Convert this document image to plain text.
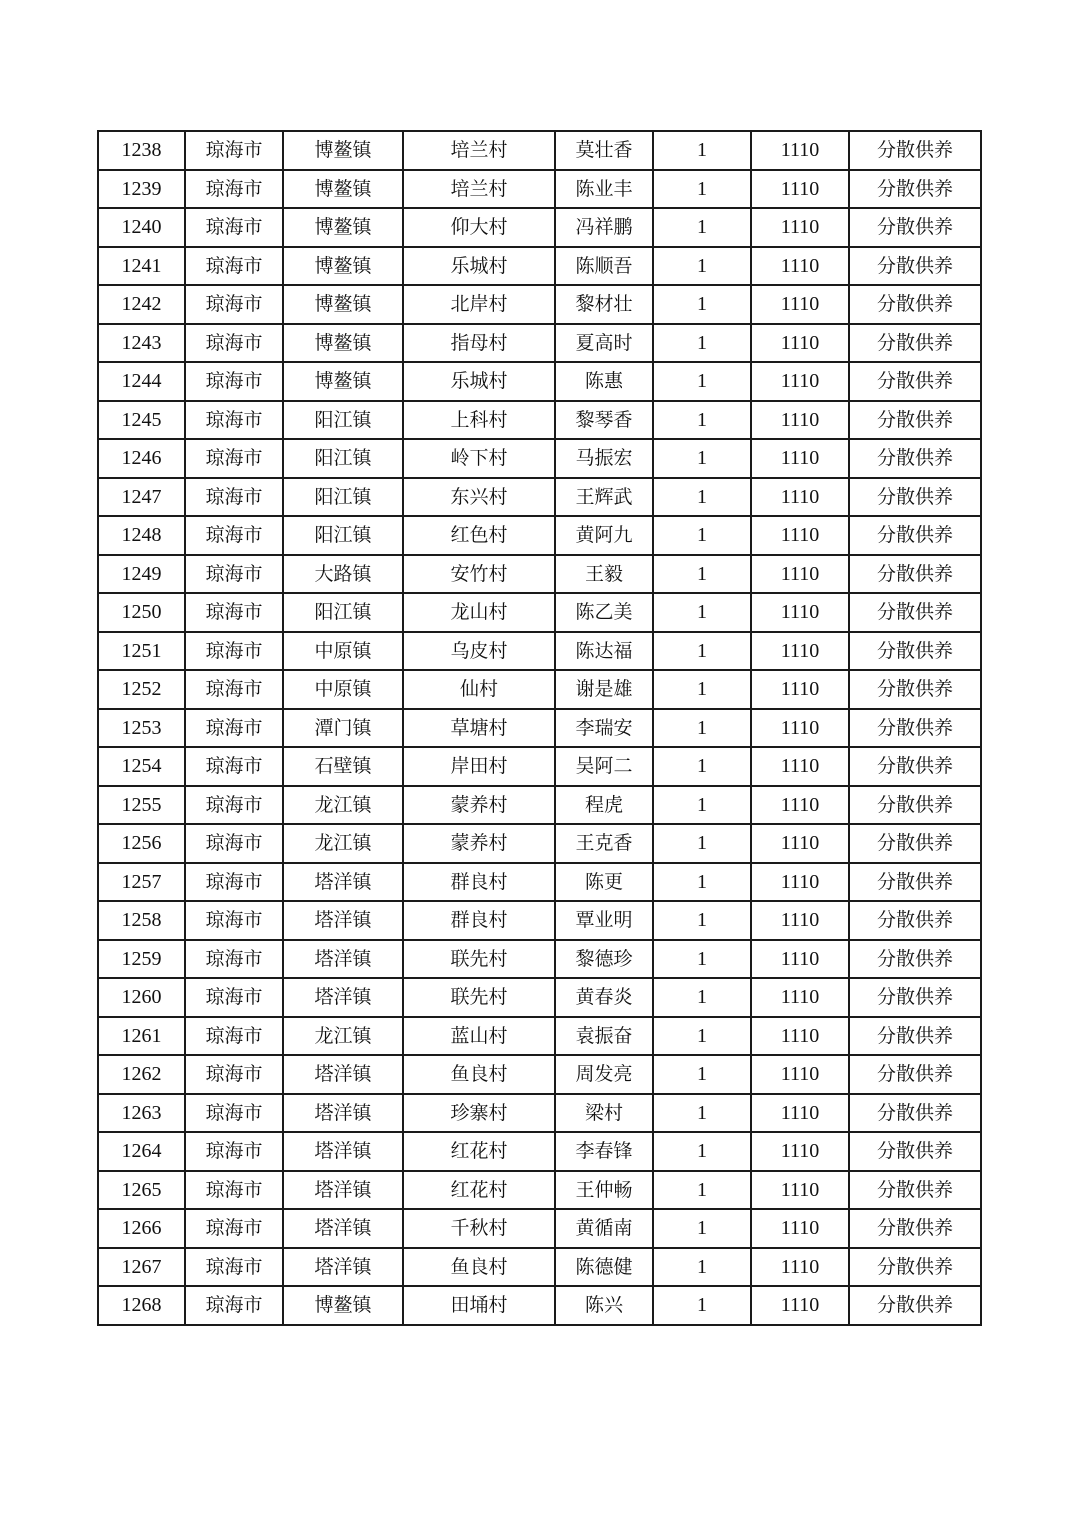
1238	琼海市	博鳌镇	培兰村	莫壮香	1	1110	分散供养
1239	琼海市	博鳌镇	培兰村	陈业丰	1	1110	分散供养
1240	琼海市	博鳌镇	仰大村	冯祥鹏	1	1110	分散供养
1241	琼海市	博鳌镇	乐城村	陈顺吾	1	1110	分散供养
1242	琼海市	博鳌镇	北岸村	黎材壮	1	1110	分散供养
1243	琼海市	博鳌镇	指母村	夏高时	1	1110	分散供养
1244	琼海市	博鳌镇	乐城村	陈惠	1	1110	分散供养
1245	琼海市	阳江镇	上科村	黎琴香	1	1110	分散供养
1246	琼海市	阳江镇	岭下村	马振宏	1	1110	分散供养
1247	琼海市	阳江镇	东兴村	王辉武	1	1110	分散供养
1248	琼海市	阳江镇	红色村	黄阿九	1	1110	分散供养
1249	琼海市	大路镇	安竹村	王毅	1	1110	分散供养
1250	琼海市	阳江镇	龙山村	陈乙美	1	1110	分散供养
1251	琼海市	中原镇	乌皮村	陈达福	1	1110	分散供养
1252	琼海市	中原镇	仙村	谢是雄	1	1110	分散供养
1253	琼海市	潭门镇	草塘村	李瑞安	1	1110	分散供养
1254	琼海市	石壁镇	岸田村	吴阿二	1	1110	分散供养
1255	琼海市	龙江镇	蒙养村	程虎	1	1110	分散供养
1256	琼海市	龙江镇	蒙养村	王克香	1	1110	分散供养
1257	琼海市	塔洋镇	群良村	陈更	1	1110	分散供养
1258	琼海市	塔洋镇	群良村	覃业明	1	1110	分散供养
1259	琼海市	塔洋镇	联先村	黎德珍	1	1110	分散供养
1260	琼海市	塔洋镇	联先村	黄春炎	1	1110	分散供养
1261	琼海市	龙江镇	蓝山村	袁振奋	1	1110	分散供养
1262	琼海市	塔洋镇	鱼良村	周发亮	1	1110	分散供养
1263	琼海市	塔洋镇	珍寨村	梁村	1	1110	分散供养
1264	琼海市	塔洋镇	红花村	李春锋	1	1110	分散供养
1265	琼海市	塔洋镇	红花村	王仲畅	1	1110	分散供养
1266	琼海市	塔洋镇	千秋村	黄循南	1	1110	分散供养
1267	琼海市	塔洋镇	鱼良村	陈德健	1	1110	分散供养
1268	琼海市	博鳌镇	田埇村	陈兴	1	1110	分散供养
